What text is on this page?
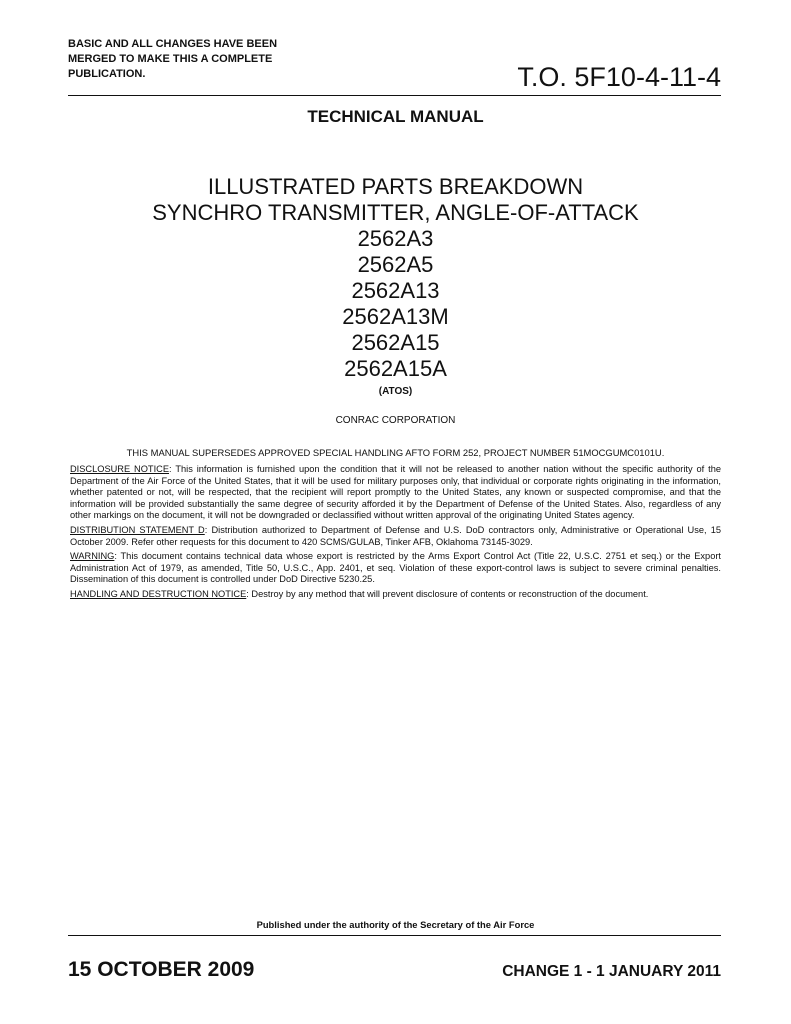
BASIC AND ALL CHANGES HAVE BEEN
MERGED TO MAKE THIS A COMPLETE
PUBLICATION.	T.O. 5F10-4-11-4
TECHNICAL MANUAL
ILLUSTRATED PARTS BREAKDOWN
SYNCHRO TRANSMITTER, ANGLE-OF-ATTACK
2562A3
2562A5
2562A13
2562A13M
2562A15
2562A15A
(ATOS)
CONRAC CORPORATION
THIS MANUAL SUPERSEDES APPROVED SPECIAL HANDLING AFTO FORM 252, PROJECT NUMBER 51MOCGUMC0101U.

DISCLOSURE NOTICE: This information is furnished upon the condition that it will not be released to another nation without the specific authority of the Department of the Air Force of the United States, that it will be used for military purposes only, that individual or corporate rights originating in the information, whether patented or not, will be respected, that the recipient will report promptly to the United States, any known or suspected compromise, and that the information will be provided substantially the same degree of security afforded it by the Department of Defense of the United States. Also, regardless of any other markings on the document, it will not be downgraded or declassified without written approval of the originating United States agency.

DISTRIBUTION STATEMENT D: Distribution authorized to Department of Defense and U.S. DoD contractors only, Administrative or Operational Use, 15 October 2009. Refer other requests for this document to 420 SCMS/GULAB, Tinker AFB, Oklahoma 73145-3029.

WARNING: This document contains technical data whose export is restricted by the Arms Export Control Act (Title 22, U.S.C. 2751 et seq.) or the Export Administration Act of 1979, as amended, Title 50, U.S.C., App. 2401, et seq. Violation of these export-control laws is subject to severe criminal penalties. Dissemination of this document is controlled under DoD Directive 5230.25.

HANDLING AND DESTRUCTION NOTICE: Destroy by any method that will prevent disclosure of contents or reconstruction of the document.

Published under the authority of the Secretary of the Air Force
15 OCTOBER 2009	CHANGE 1 - 1 JANUARY 2011
